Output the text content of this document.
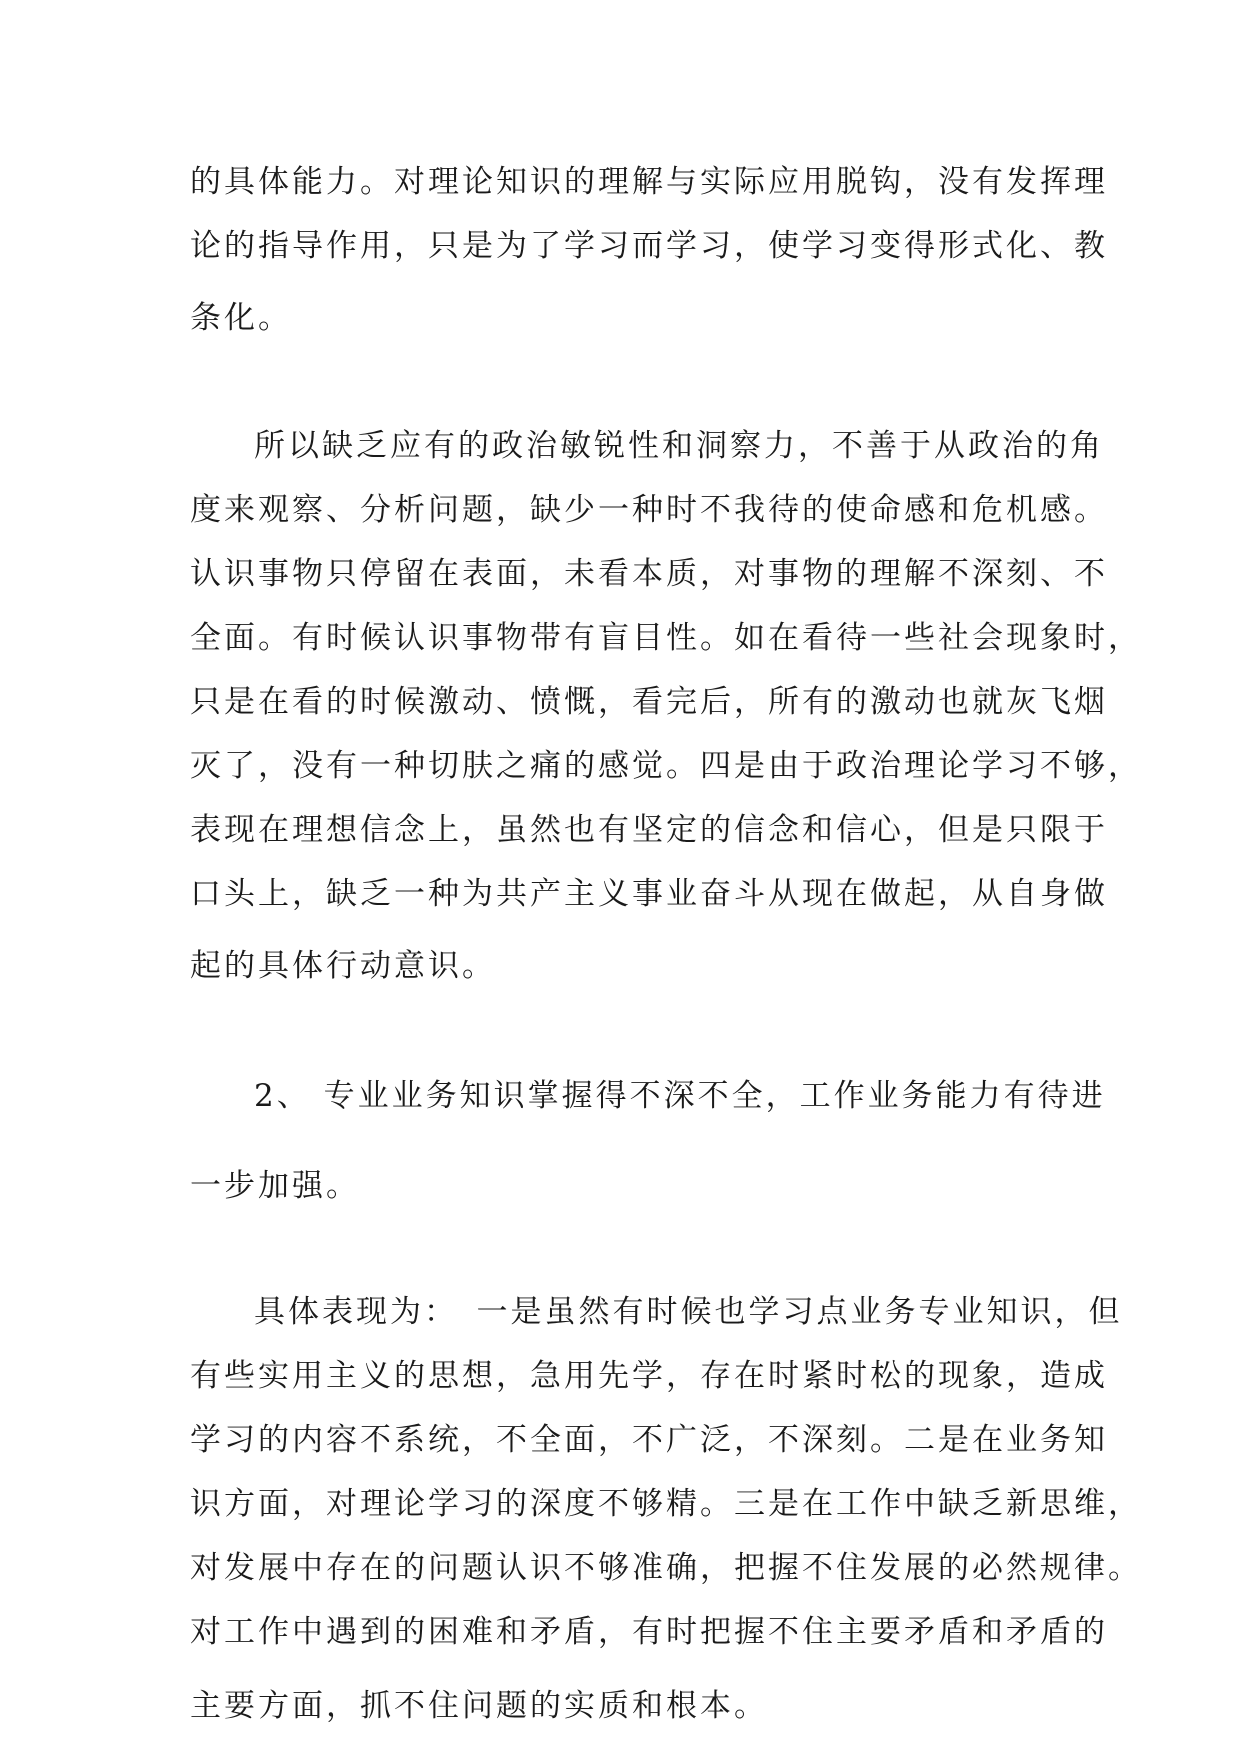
的具体能力。对理论知识的理解与实际应用脱钩，没有发挥理
论的指导作用，只是为了学习而学习，使学习变得形式化、教
条化。
所以缺乏应有的政治敏锐性和洞察力，不善于从政治的角
度来观察、分析问题，缺少一种时不我待的使命感和危机感。
认识事物只停留在表面，未看本质，对事物的理解不深刻、不
全面。有时候认识事物带有盲目性。如在看待一些社会现象时，
只是在看的时候激动、愤慨，看完后，所有的激动也就灰飞烟
灭了，没有一种切肤之痛的感觉。四是由于政治理论学习不够，
表现在理想信念上，虽然也有坚定的信念和信心，但是只限于
口头上，缺乏一种为共产主义事业奋斗从现在做起，从自身做
起的具体行动意识。
2、 专业业务知识掌握得不深不全，工作业务能力有待进
一步加强。
具体表现为：　一是虽然有时候也学习点业务专业知识，但
有些实用主义的思想，急用先学，存在时紧时松的现象，造成
学习的内容不系统，不全面，不广泛，不深刻。二是在业务知
识方面，对理论学习的深度不够精。三是在工作中缺乏新思维，
对发展中存在的问题认识不够准确，把握不住发展的必然规律。
对工作中遇到的困难和矛盾，有时把握不住主要矛盾和矛盾的
主要方面，抓不住问题的实质和根本。
